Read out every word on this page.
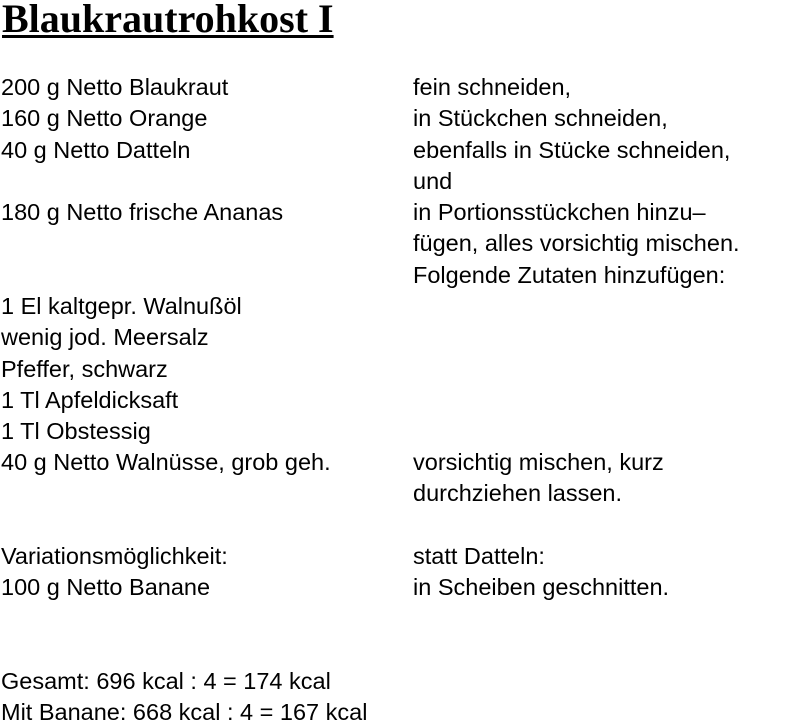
Blaukrautrohkost I
200 g Netto Blaukraut
160 g Netto Orange
40 g Netto Datteln
180 g Netto frische Ananas
1 El kaltgepr. Walnußöl
wenig jod. Meersalz
Pfeffer, schwarz
1 Tl Apfeldicksaft
1 Tl Obstessig
40 g Netto Walnüsse, grob geh.
fein schneiden,
in Stückchen schneiden,
ebenfalls in Stücke schneiden,
und
in Portionsstückchen hinzu–
fügen, alles vorsichtig mischen.
Folgende Zutaten hinzufügen:
vorsichtig mischen, kurz
durchziehen lassen.
Variationsmöglichkeit:	statt Datteln:
100 g Netto Banane	in Scheiben geschnitten.
Gesamt: 696 kcal : 4 = 174 kcal
Mit Banane: 668 kcal : 4 = 167 kcal
